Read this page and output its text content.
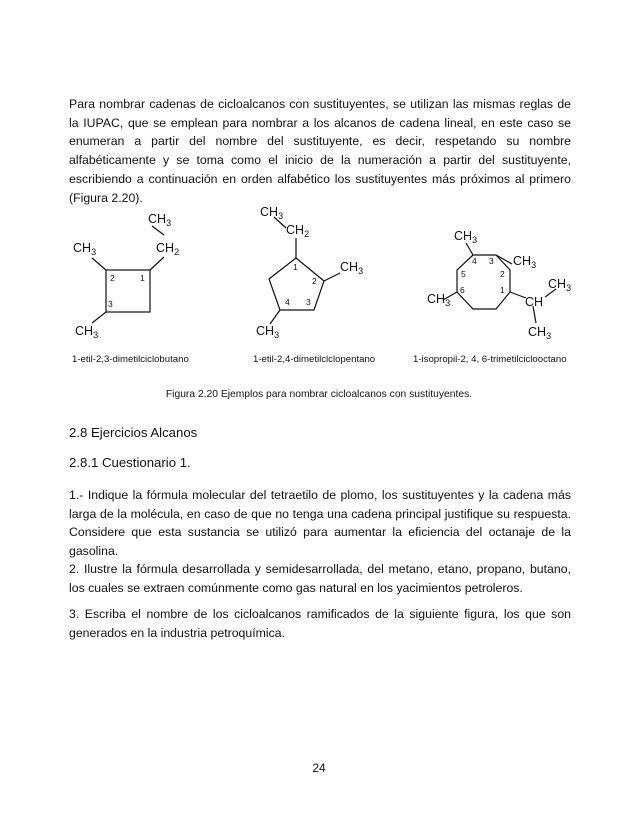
Para nombrar cadenas de cicloalcanos con sustituyentes, se utilizan las mismas reglas de la IUPAC, que se emplean para nombrar a los alcanos de cadena lineal, en este caso se enumeran a partir del nombre del sustituyente, es decir, respetando su nombre alfabéticamente y se toma como el inicio de la numeración a partir del sustituyente, escribiendo a continuación en orden alfabético los sustituyentes más próximos al primero (Figura 2.20).

$CH_3$
$CH_3$	$CH_2$
$CH_3$
1
2
3
1-etil-2,3-dimetilciclobutano
$CH_3$
$CH_2$
$CH_3$
$CH_3$
1
2
3
4
1-etil-2,4-dimetilclclopentano
$CH_3$
$CH_3$
$CH_3$
$CH_3$	CH
$CH_3$
1
2
3
4
5
6
1-isopropil-2, 4, 6-trimetilciclooctano
Figura 2.20 Ejemplos para nombrar cicloalcanos con sustituyentes.

2.8 Ejercicios Alcanos

2.8.1 Cuestionario 1.

1.- Indique la fórmula molecular del tetraetilo de plomo, los sustituyentes y la cadena más larga de la molécula, en caso de que no tenga una cadena principal justifique su respuesta. Considere que esta sustancia se utilizó para aumentar la eficiencia del octanaje de la gasolina.

2. Ilustre la fórmula desarrollada y semidesarrollada, del metano, etano, propano, butano, los cuales se extraen comúnmente como gas natural en los yacimientos petroleros.

3. Escriba el nombre de los cicloalcanos ramificados de la siguiente figura, los que son generados en la industria petroquímica.

24
